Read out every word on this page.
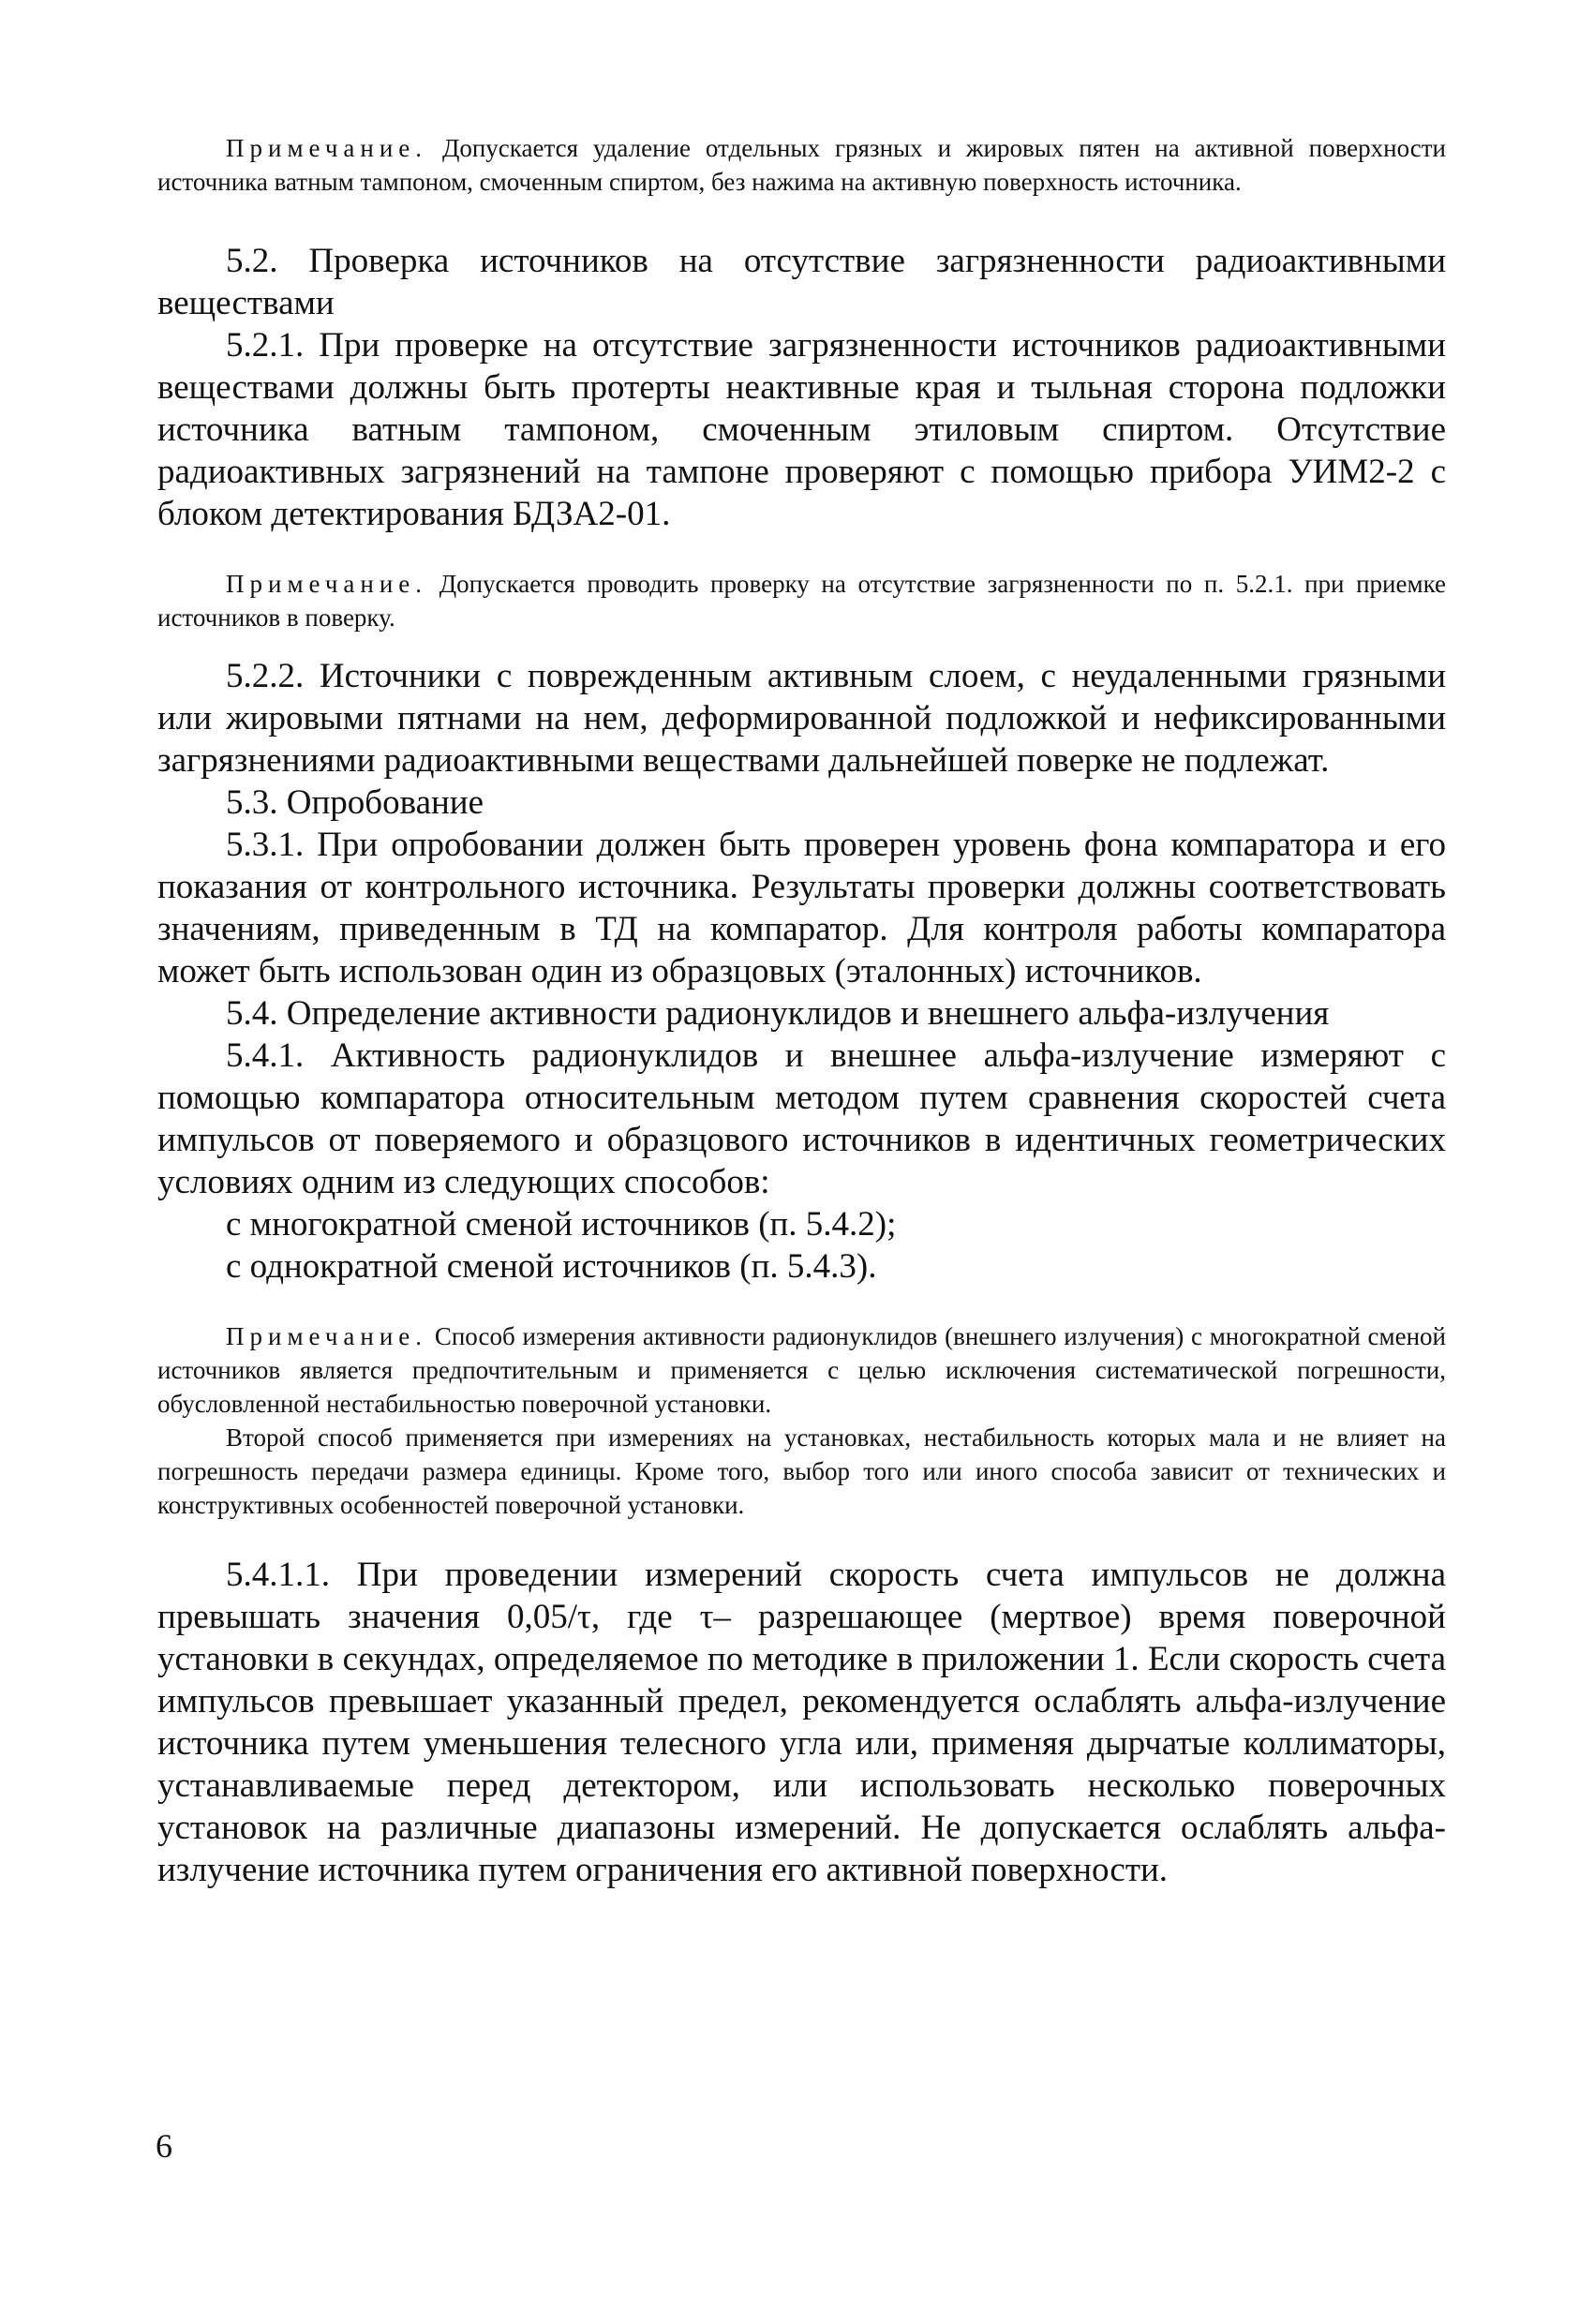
Примечание. Допускается удаление отдельных грязных и жировых пятен на активной поверхности источника ватным тампоном, смоченным спиртом, без нажима на активную поверхность источника.

5.2. Проверка источников на отсутствие загрязненности радиоактивными веществами

5.2.1. При проверке на отсутствие загрязненности источников радиоактивными веществами должны быть протерты неактивные края и тыльная сторона подложки источника ватным тампоном, смоченным этиловым спиртом. Отсутствие радиоактивных загрязнений на тампоне проверяют с помощью прибора УИМ2-2 с блоком детектирования БДЗА2-01.

Примечание. Допускается проводить проверку на отсутствие загрязненности по п. 5.2.1. при приемке источников в поверку.

5.2.2. Источники с поврежденным активным слоем, с неудаленными грязными или жировыми пятнами на нем, деформированной подложкой и нефиксированными загрязнениями радиоактивными веществами дальнейшей поверке не подлежат.

5.3. Опробование

5.3.1. При опробовании должен быть проверен уровень фона компаратора и его показания от контрольного источника. Результаты проверки должны соответствовать значениям, приведенным в ТД на компаратор. Для контроля работы компаратора может быть использован один из образцовых (эталонных) источников.

5.4. Определение активности радионуклидов и внешнего альфа-излучения

5.4.1. Активность радионуклидов и внешнее альфа-излучение измеряют с помощью компаратора относительным методом путем сравнения скоростей счета импульсов от поверяемого и образцового источников в идентичных геометрических условиях одним из следующих способов:

с многократной сменой источников (п. 5.4.2);

с однократной сменой источников (п. 5.4.3).

Примечание. Способ измерения активности радионуклидов (внешнего излучения) с многократной сменой источников является предпочтительным и применяется с целью исключения систематической погрешности, обусловленной нестабильностью поверочной установки.

Второй способ применяется при измерениях на установках, нестабильность которых мала и не влияет на погрешность передачи размера единицы. Кроме того, выбор того или иного способа зависит от технических и конструктивных особенностей поверочной установки.

5.4.1.1. При проведении измерений скорость счета импульсов не должна превышать значения 0,05/τ, где τ– разрешающее (мертвое) время поверочной установки в секундах, определяемое по методике в приложении 1. Если скорость счета импульсов превышает указанный предел, рекомендуется ослаблять альфа-излучение источника путем уменьшения телесного угла или, применяя дырчатые коллиматоры, устанавливаемые перед детектором, или использовать несколько поверочных установок на различные диапазоны измерений. Не допускается ослаблять альфа-излучение источника путем ограничения его активной поверхности.

6
